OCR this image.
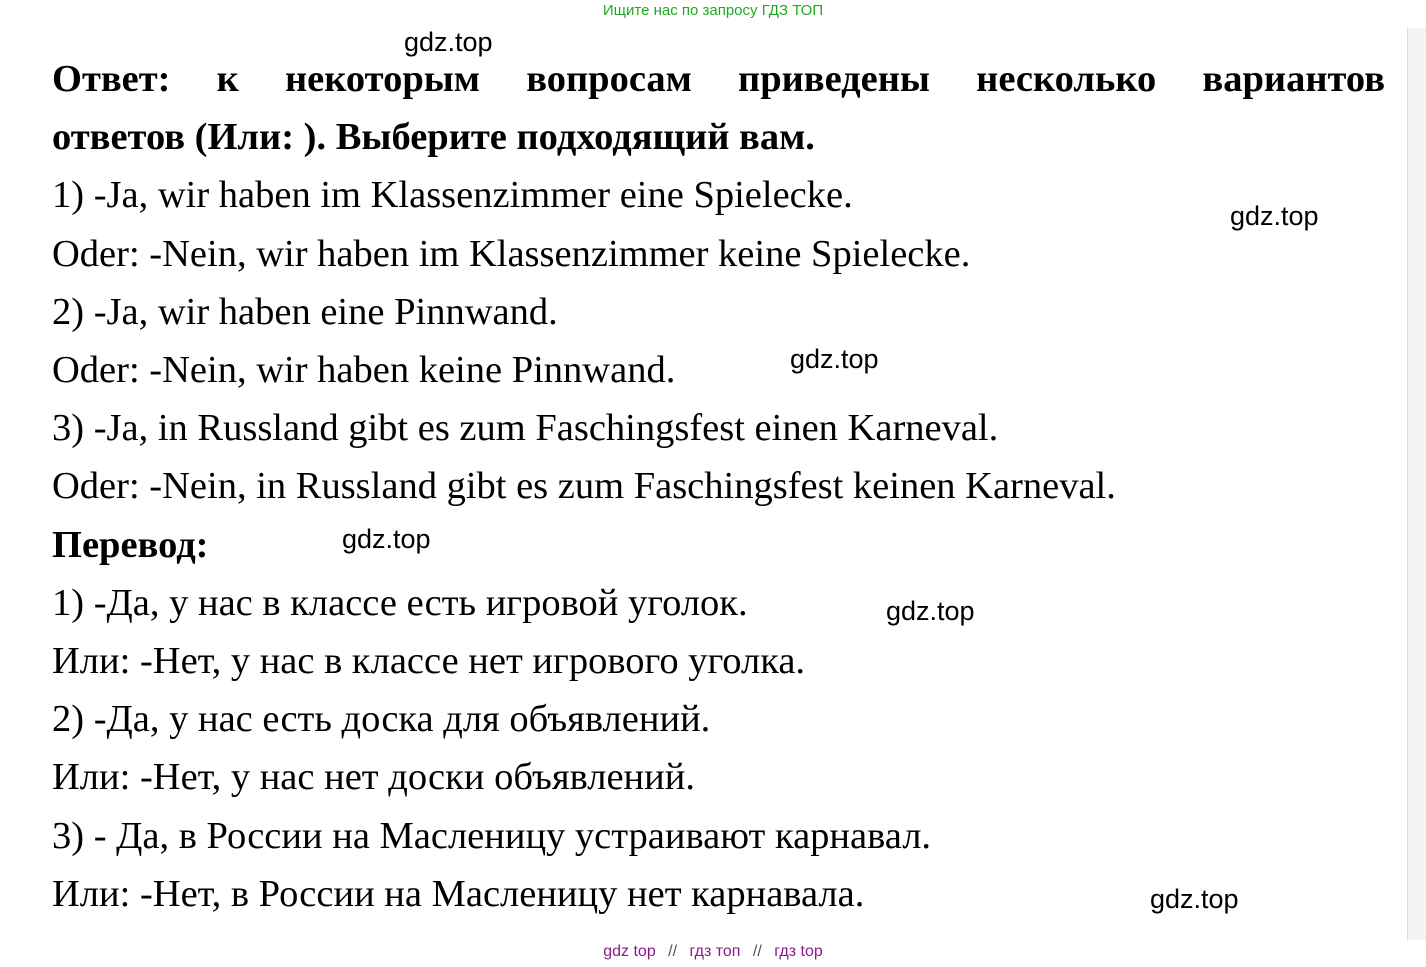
Ищите нас по запросу ГДЗ ТОП

Ответ: к некоторым вопросам приведены несколько вариантов

ответов (Или: ). Выберите подходящий вам.

1) -Ja, wir haben im Klassenzimmer eine Spielecke.

Oder: -Nein, wir haben im Klassenzimmer keine Spielecke.

2) -Ja, wir haben eine Pinnwand.

Oder: -Nein, wir haben keine Pinnwand.

3) -Ja, in Russland gibt es zum Faschingsfest einen Karneval.

Oder: -Nein, in Russland gibt es zum Faschingsfest keinen Karneval.

Перевод:

1) -Да, у нас в классе есть игровой уголок.

Или: -Нет, у нас в классе нет игрового уголка.

2) -Да, у нас есть доска для объявлений.

Или: -Нет, у нас нет доски объявлений.

3) - Да, в России на Масленицу устраивают карнавал.

Или: -Нет, в России на Масленицу нет карнавала.

gdz.top
gdz.top
gdz.top
gdz.top
gdz.top
gdz.top
gdz top // гдз топ // гдз top
